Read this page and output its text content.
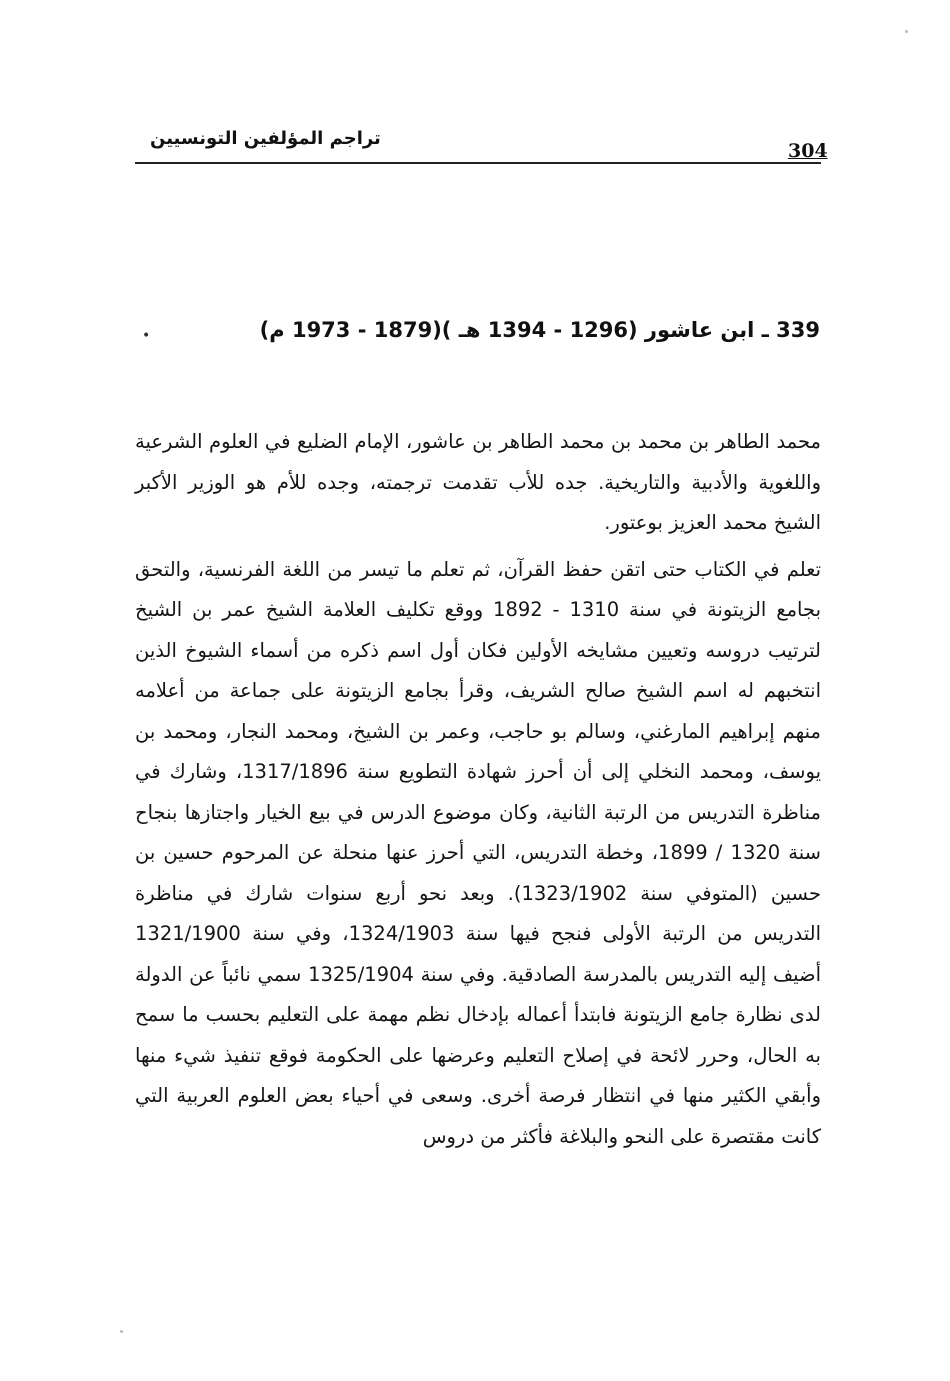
304
تراجم المؤلفين التونسيين
339 ـ ابن عاشور (1296 - 1394 هـ )(1879 - 1973 م)
•

محمد الطاهر بن محمد بن محمد الطاهر بن عاشور، الإمام الضليع في العلوم الشرعية واللغوية والأدبية والتاريخية. جده للأب تقدمت ترجمته، وجده للأم هو الوزير الأكبر الشيخ محمد العزيز بوعتور.

تعلم في الكتاب حتى اتقن حفظ القرآن، ثم تعلم ما تيسر من اللغة الفرنسية، والتحق بجامع الزيتونة في سنة 1310 - 1892 ووقع تكليف العلامة الشيخ عمر بن الشيخ لترتيب دروسه وتعيين مشايخه الأولين فكان أول اسم ذكره من أسماء الشيوخ الذين انتخبهم له اسم الشيخ صالح الشريف، وقرأ بجامع الزيتونة على جماعة من أعلامه منهم إبراهيم المارغني، وسالم بو حاجب، وعمر بن الشيخ، ومحمد النجار، ومحمد بن يوسف، ومحمد النخلي إلى أن أحرز شهادة التطويع سنة 1317/1896، وشارك في مناظرة التدريس من الرتبة الثانية، وكان موضوع الدرس في بيع الخيار واجتازها بنجاح سنة 1320 / 1899، وخطة التدريس، التي أحرز عنها منحلة عن المرحوم حسين بن حسين (المتوفي سنة 1323/1902). وبعد نحو أربع سنوات شارك في مناظرة التدريس من الرتبة الأولى فنجح فيها سنة 1324/1903، وفي سنة 1321/1900 أضيف إليه التدريس بالمدرسة الصادقية. وفي سنة 1325/1904 سمي نائباً عن الدولة لدى نظارة جامع الزيتونة فابتدأ أعماله بإدخال نظم مهمة على التعليم بحسب ما سمح به الحال، وحرر لائحة في إصلاح التعليم وعرضها على الحكومة فوقع تنفيذ شيء منها وأبقي الكثير منها في انتظار فرصة أخرى. وسعى في أحياء بعض العلوم العربية التي كانت مقتصرة على النحو والبلاغة فأكثر من دروس
